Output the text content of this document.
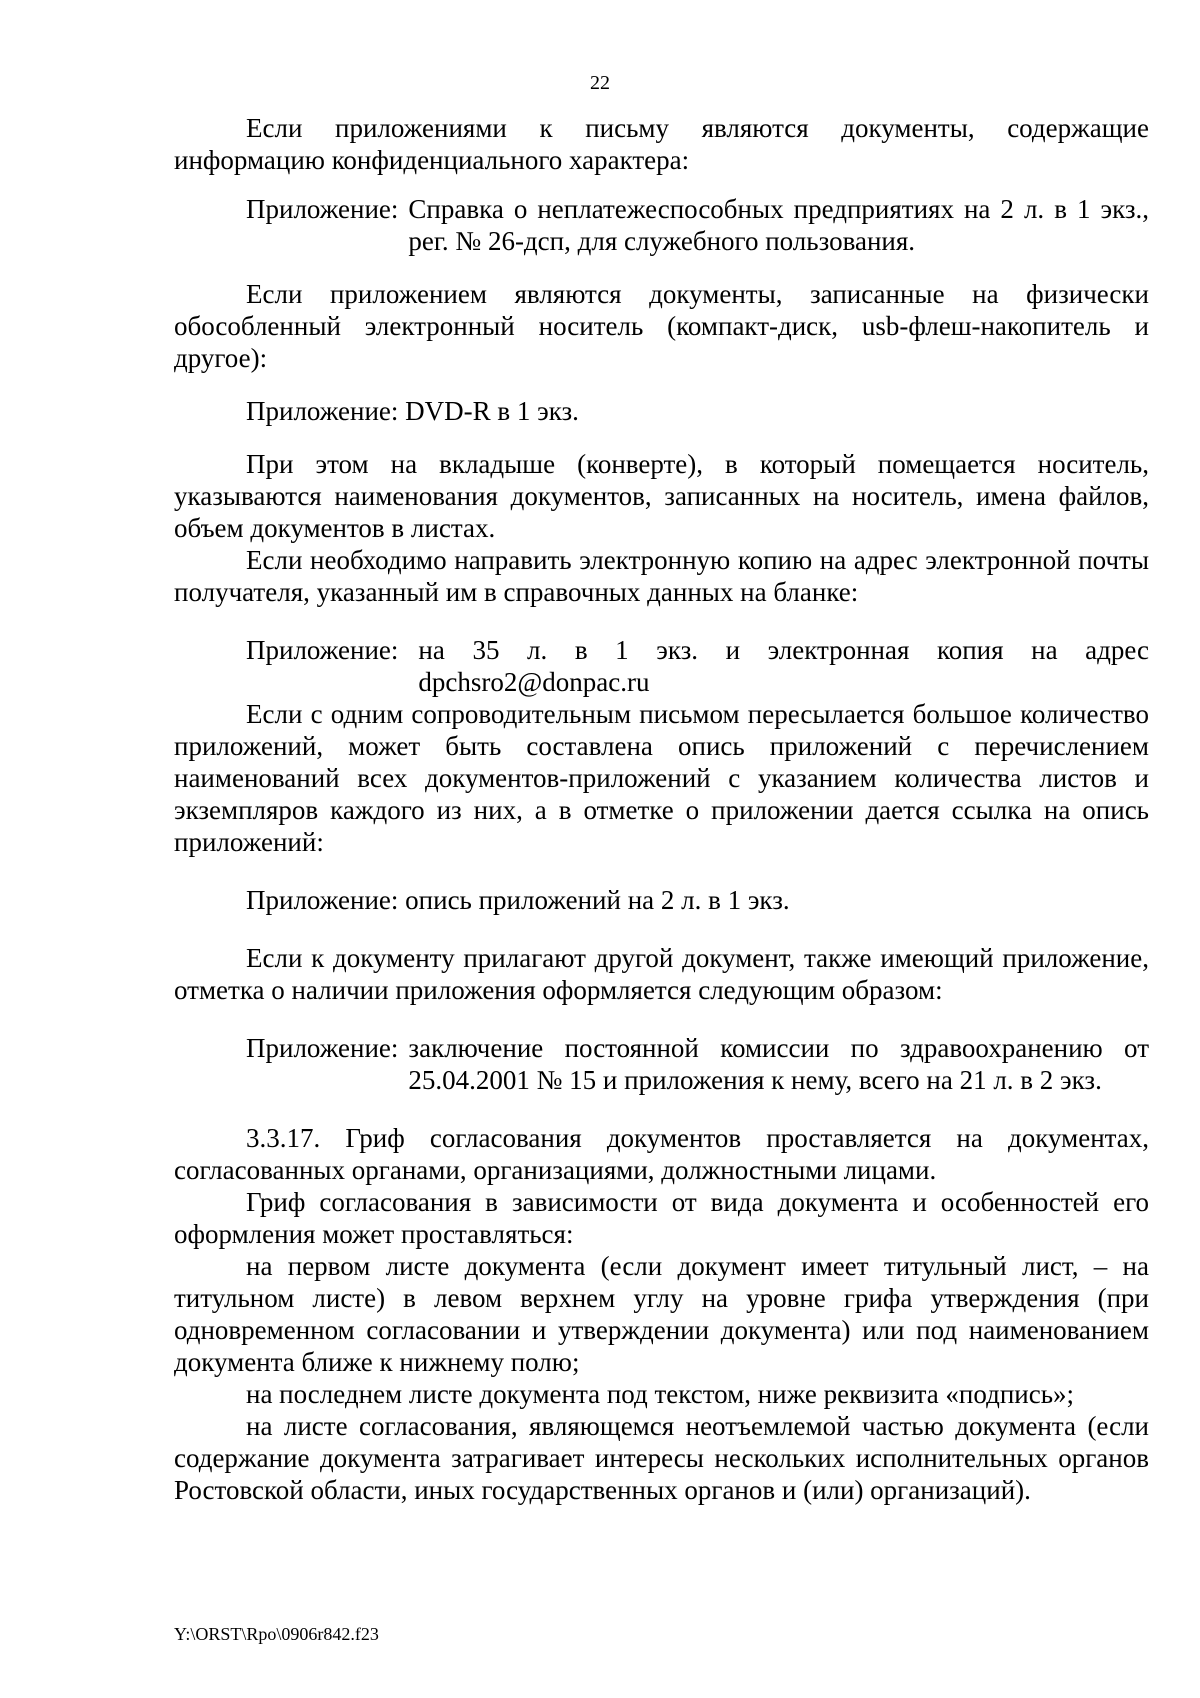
22

Если приложениями к письму являются документы, содержащие информацию конфиденциального характера:

Приложение: Справка о неплатежеспособных предприятиях на 2 л. в 1 экз., рег. № 26-дсп, для служебного пользования.

Если приложением являются документы, записанные на физически обособленный электронный носитель (компакт-диск, usb-флеш-накопитель и другое):

Приложение: DVD-R в 1 экз.

При этом на вкладыше (конверте), в который помещается носитель, указываются наименования документов, записанных на носитель, имена файлов, объем документов в листах.

Если необходимо направить электронную копию на адрес электронной почты получателя, указанный им в справочных данных на бланке:

Приложение: на 35 л. в 1 экз. и электронная копия на адрес dpchsro2@donpac.ru

Если с одним сопроводительным письмом пересылается большое количество приложений, может быть составлена опись приложений с перечислением наименований всех документов-приложений с указанием количества листов и экземпляров каждого из них, а в отметке о приложении дается ссылка на опись приложений:

Приложение: опись приложений на 2 л. в 1 экз.

Если к документу прилагают другой документ, также имеющий приложение, отметка о наличии приложения оформляется следующим образом:

Приложение: заключение постоянной комиссии по здравоохранению от 25.04.2001 № 15 и приложения к нему, всего на 21 л. в 2 экз.

3.3.17. Гриф согласования документов проставляется на документах, согласованных органами, организациями, должностными лицами.

Гриф согласования в зависимости от вида документа и особенностей его оформления может проставляться:

на первом листе документа (если документ имеет титульный лист, – на титульном листе) в левом верхнем углу на уровне грифа утверждения (при одновременном согласовании и утверждении документа) или под наименованием документа ближе к нижнему полю;

на последнем листе документа под текстом, ниже реквизита «подпись»;

на листе согласования, являющемся неотъемлемой частью документа (если содержание документа затрагивает интересы нескольких исполнительных органов Ростовской области, иных государственных органов и (или) организаций).

Y:\ORST\Rpo\0906r842.f23
